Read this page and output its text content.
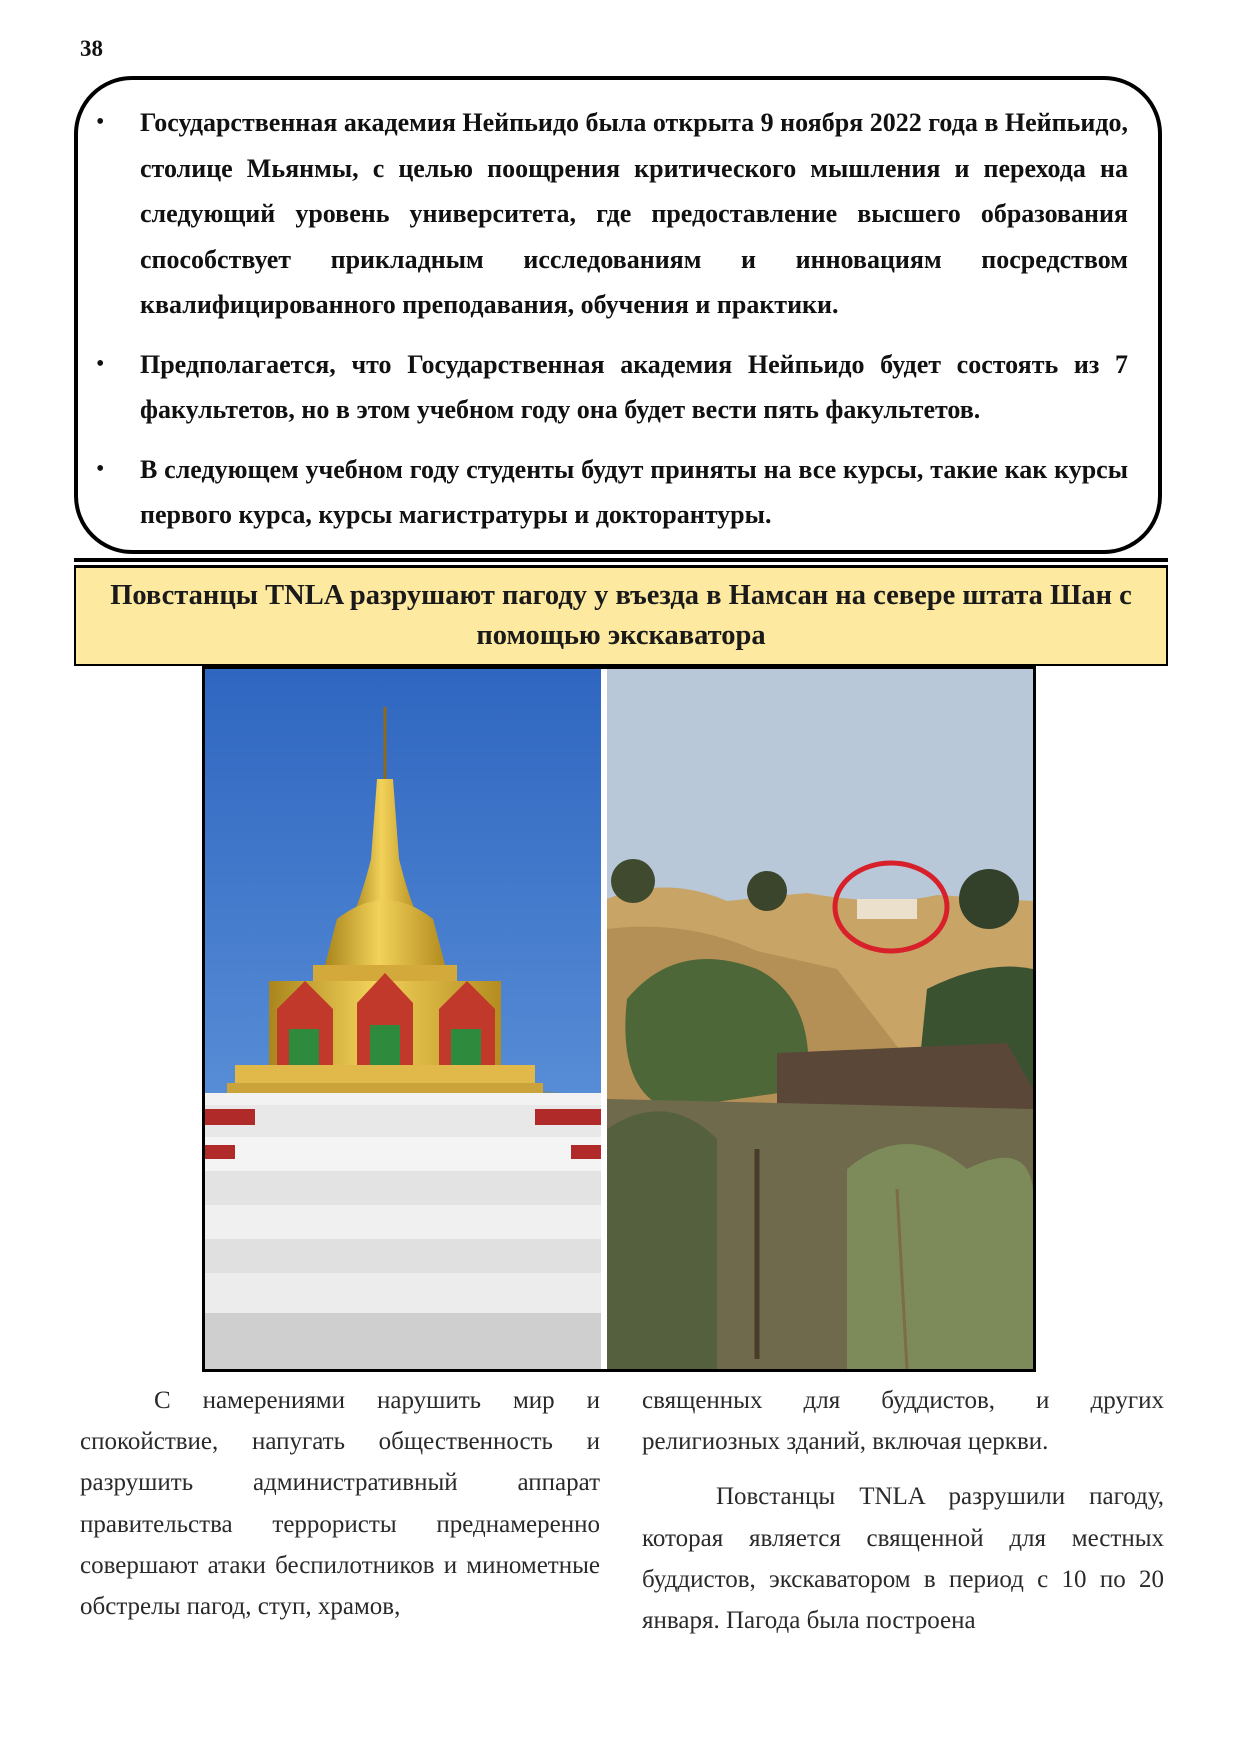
38
• Государственная академия Нейпьидо была открыта 9 ноября 2022 года в Нейпьидо, столице Мьянмы, с целью поощрения критического мышления и перехода на следующий уровень университета, где предоставление высшего образования способствует прикладным исследованиям и инновациям посредством квалифицированного преподавания, обучения и практики.
• Предполагается, что Государственная академия Нейпьидо будет состоять из 7 факультетов, но в этом учебном году она будет вести пять факультетов.
• В следующем учебном году студенты будут приняты на все курсы, такие как курсы первого курса, курсы магистратуры и докторантуры.
Повстанцы TNLA разрушают пагоду у въезда в Намсан на севере штата Шан с помощью экскаватора

С намерениями нарушить мир и спокойствие, напугать общественность и разрушить административный аппарат правительства террористы преднамеренно совершают атаки беспилотников и минометные обстрелы пагод, ступ, храмов,

священных для буддистов, и других религиозных зданий, включая церкви.

Повстанцы TNLA разрушили пагоду, которая является священной для местных буддистов, экскаватором в период с 10 по 20 января. Пагода была построена
